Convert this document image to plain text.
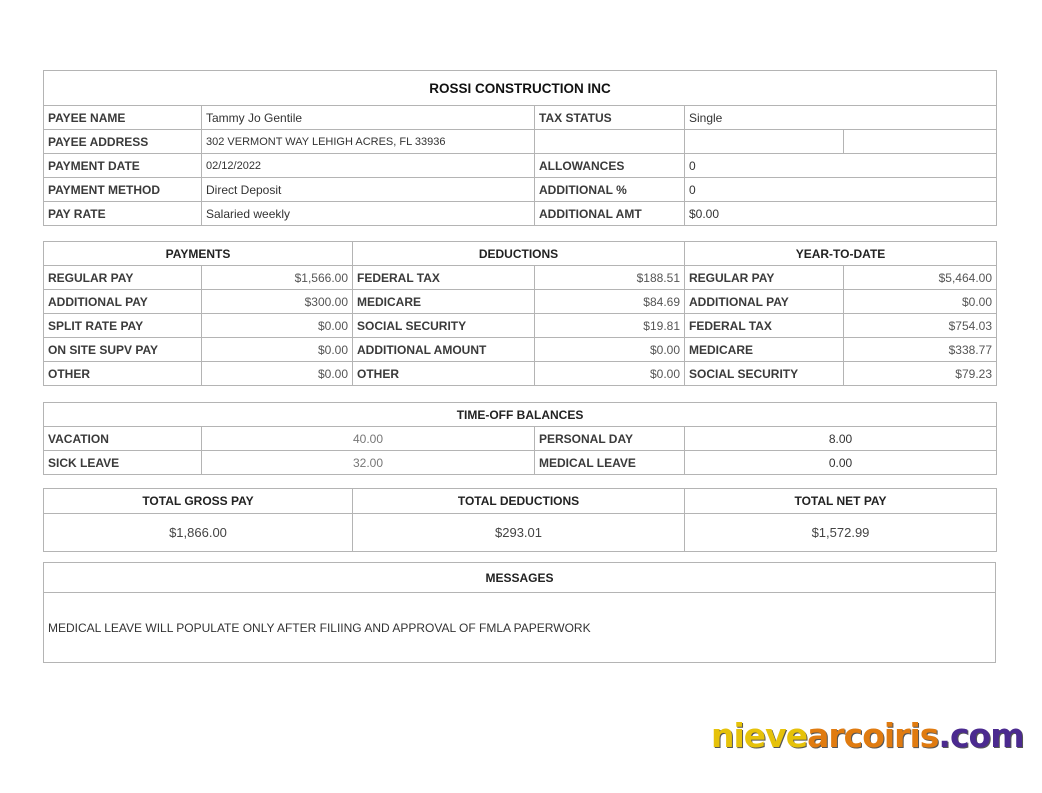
ROSSI CONSTRUCTION INC				
PAYEE NAME	Tammy Jo Gentile	TAX STATUS	Single	
PAYEE ADDRESS	302 VERMONT WAY LEHIGH ACRES, FL 33936			
PAYMENT DATE	02/12/2022	ALLOWANCES	0	
PAYMENT METHOD	Direct Deposit	ADDITIONAL %	0	
PAY RATE	Salaried weekly	ADDITIONAL AMT	$0.00	
PAYMENTS		DEDUCTIONS		YEAR-TO-DATE	
REGULAR PAY	$1,566.00	FEDERAL TAX	$188.51	REGULAR PAY	$5,464.00
ADDITIONAL PAY	$300.00	MEDICARE	$84.69	ADDITIONAL PAY	$0.00
SPLIT RATE PAY	$0.00	SOCIAL SECURITY	$19.81	FEDERAL TAX	$754.03
ON SITE SUPV PAY	$0.00	ADDITIONAL AMOUNT	$0.00	MEDICARE	$338.77
OTHER	$0.00	OTHER	$0.00	SOCIAL SECURITY	$79.23
TIME-OFF BALANCES			
VACATION	40.00	PERSONAL DAY	8.00
SICK LEAVE	32.00	MEDICAL LEAVE	0.00
TOTAL GROSS PAY	TOTAL DEDUCTIONS	TOTAL NET PAY
$1,866.00	$293.01	$1,572.99
MESSAGES
MEDICAL LEAVE WILL POPULATE ONLY AFTER FILIING AND APPROVAL OF FMLA PAPERWORK
nievearcoiris.com
